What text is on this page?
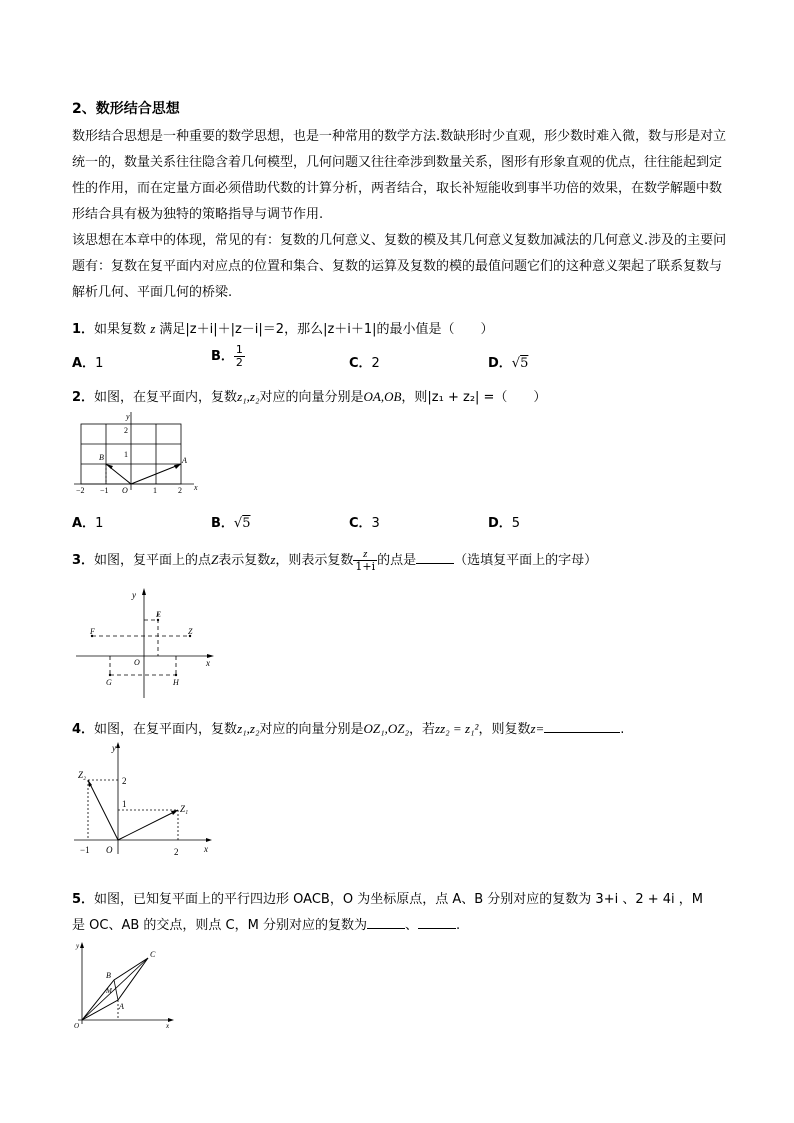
2、数形结合思想

数形结合思想是一种重要的数学思想，也是一种常用的数学方法.数缺形时少直观，形少数时难入微，数与形是对立统一的，数量关系往往隐含着几何模型，几何问题又往往牵涉到数量关系，图形有形象直观的优点，往往能起到定性的作用，而在定量方面必须借助代数的计算分析，两者结合，取长补短能收到事半功倍的效果，在数学解题中数形结合具有极为独特的策略指导与调节作用.

该思想在本章中的体现，常见的有：复数的几何意义、复数的模及其几何意义复数加减法的几何意义.涉及的主要问题有：复数在复平面内对应点的位置和集合、复数的运算及复数的模的最值问题它们的这种意义架起了联系复数与解析几何、平面几何的桥梁.

1．如果复数 z 满足|z＋i|＋|z－i|＝2，那么|z＋i＋1|的最小值是（　　）
A．1	B． $\frac{1}{2}$	C．2	D．√5
2．如图，在复平面内，复数z₁,z₂对应的向量分别是OA,OB，则|z₁ + z₂| =（　　）
y
2
1
B	A
O
−2 −1	1	2 x
A．1	B．√5	C．3	D．5
3．如图，复平面上的点Z表示复数z，则表示复数 $\frac{z}{1+i}$ 的点是	（选填复平面上的字母）
y
E
F	Z
O	x
G	H
4．如图，在复平面内，复数z₁,z₂对应的向量分别是OZ₁,OZ₂，若zz₂ = z₁²，则复数z=	.
y
Z₂
2
1	Z₁
−1 O	2	x
5．如图，已知复平面上的平行四边形 OACB，O 为坐标原点，点 A、B 分别对应的复数为 3+i 、2 + 4i ，M
是 OC、AB 的交点，则点 C，M 分别对应的复数为	、	.
y
C
B
M
A
O	x
